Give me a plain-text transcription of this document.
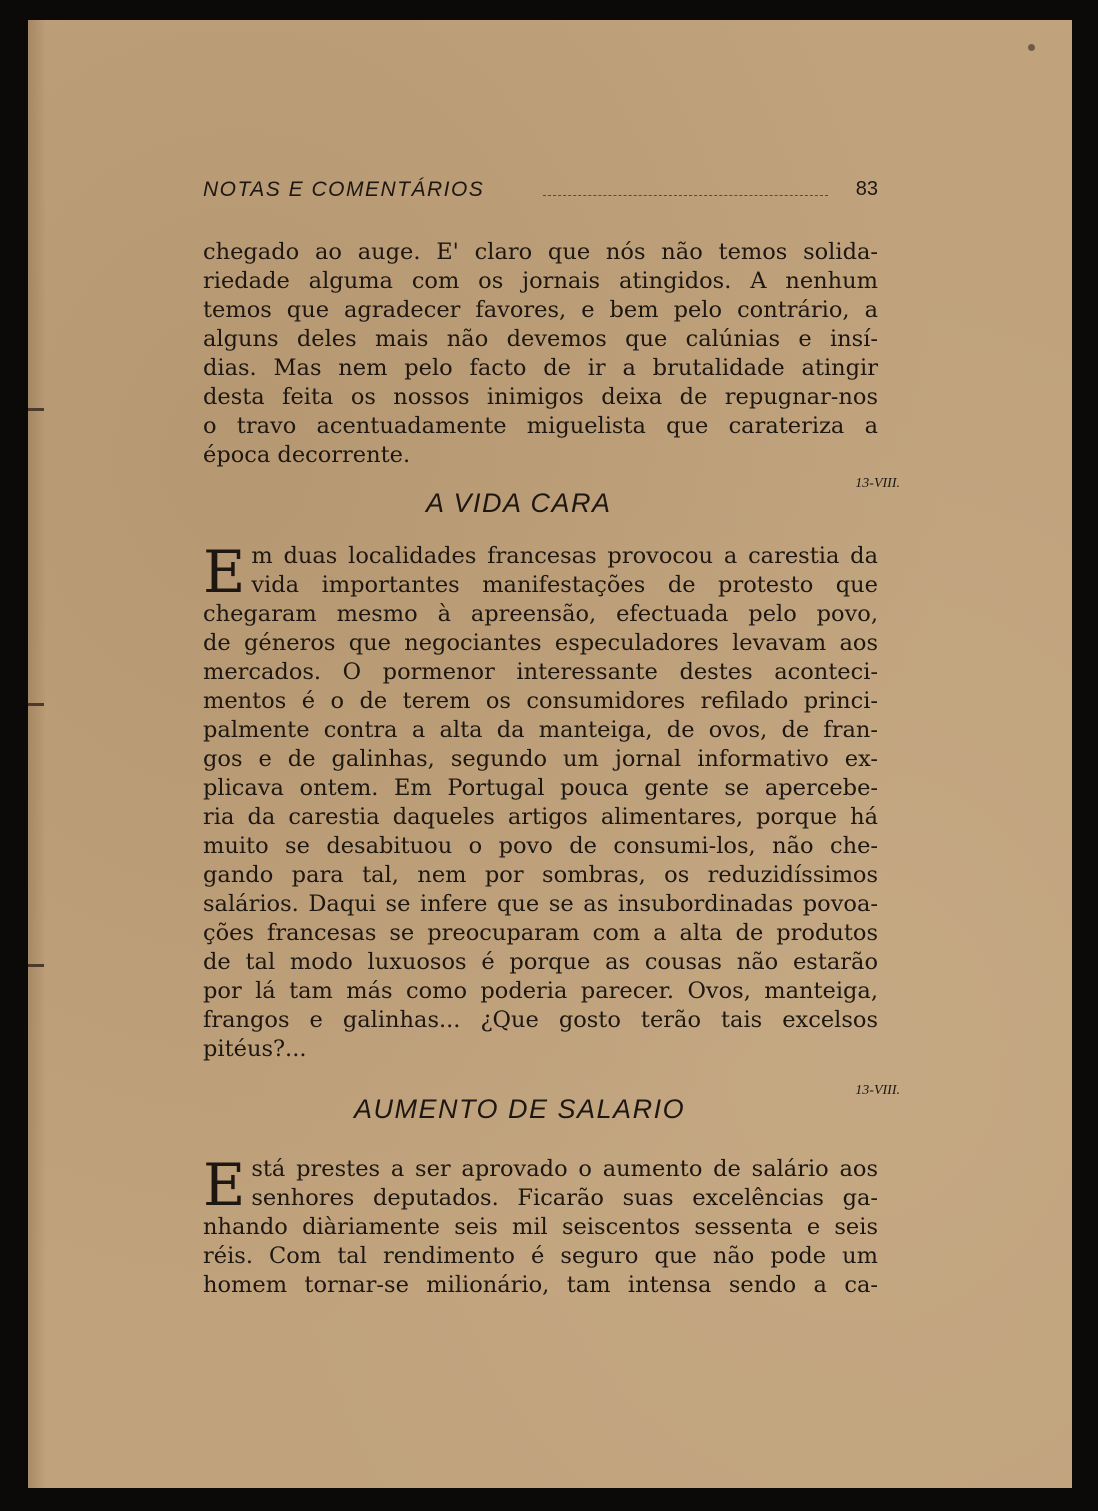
NOTAS E COMENTÁRIOS	83

chegado ao auge. E' claro que nós não temos solida-

riedade alguma com os jornais atingidos. A nenhum

temos que agradecer favores, e bem pelo contrário, a

alguns deles mais não devemos que calúnias e insí-

dias. Mas nem pelo facto de ir a brutalidade atingir

desta feita os nossos inimigos deixa de repugnar-nos

o travo acentuadamente miguelista que carateriza a

época decorrente.

13-VIII.
A VIDA CARA
E m duas localidades francesas provocou a carestia da

vida importantes manifestações de protesto que

chegaram mesmo à apreensão, efectuada pelo povo,

de géneros que negociantes especuladores levavam aos

mercados. O pormenor interessante destes aconteci-

mentos é o de terem os consumidores refilado princi-

palmente contra a alta da manteiga, de ovos, de fran-

gos e de galinhas, segundo um jornal informativo ex-

plicava ontem. Em Portugal pouca gente se apercebe-

ria da carestia daqueles artigos alimentares, porque há

muito se desabituou o povo de consumi-los, não che-

gando para tal, nem por sombras, os reduzidíssimos

salários. Daqui se infere que se as insubordinadas povoa-

ções francesas se preocuparam com a alta de produtos

de tal modo luxuosos é porque as cousas não estarão

por lá tam más como poderia parecer. Ovos, manteiga,

frangos e galinhas... ¿Que gosto terão tais excelsos

pitéus?...

13-VIII.
AUMENTO DE SALARIO
E stá prestes a ser aprovado o aumento de salário aos

senhores deputados. Ficarão suas excelências ga-

nhando diàriamente seis mil seiscentos sessenta e seis

réis. Com tal rendimento é seguro que não pode um

homem tornar-se milionário, tam intensa sendo a ca-
